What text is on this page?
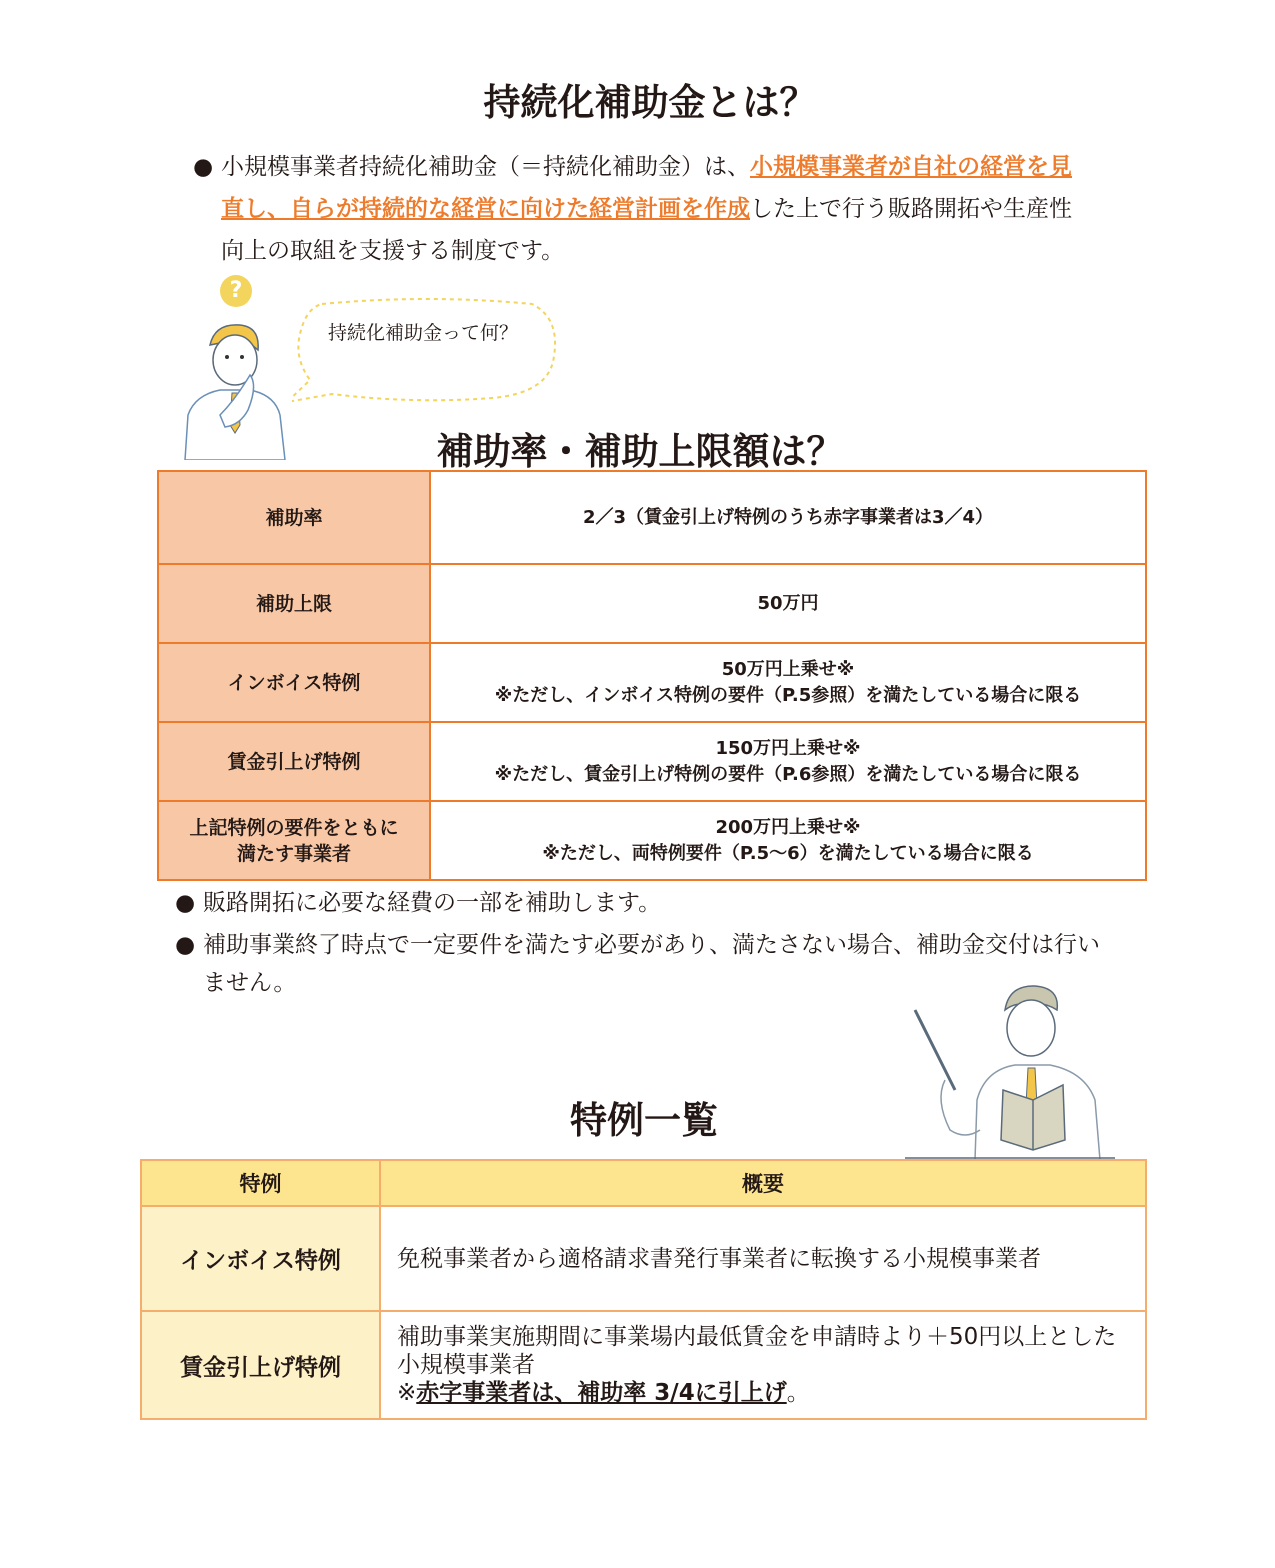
持続化補助金とは？
● 小規模事業者持続化補助金（＝持続化補助金）は、小規模事業者が自社の経営を見直し、自らが持続的な経営に向けた経営計画を作成した上で行う販路開拓や生産性向上の取組を支援する制度です。
?
持続化補助金って何？
補助率・補助上限額は？
補助率	2／3（賃金引上げ特例のうち赤字事業者は3／4）

補助上限	50万円

インボイス特例	50万円上乗せ※
※ただし、インボイス特例の要件（P.5参照）を満たしている場合に限る

賃金引上げ特例	150万円上乗せ※
※ただし、賃金引上げ特例の要件（P.6参照）を満たしている場合に限る

上記特例の要件をともに満たす事業者	200万円上乗せ※
※ただし、両特例要件（P.5～6）を満たしている場合に限る
● 販路開拓に必要な経費の一部を補助します。
● 補助事業終了時点で一定要件を満たす必要があり、満たさない場合、補助金交付は行いません。
特例一覧
特例	概要
インボイス特例	免税事業者から適格請求書発行事業者に転換する小規模事業者

賃金引上げ特例	補助事業実施期間に事業場内最低賃金を申請時より＋50円以上とした小規模事業者
※赤字事業者は、補助率 3/4に引上げ。
